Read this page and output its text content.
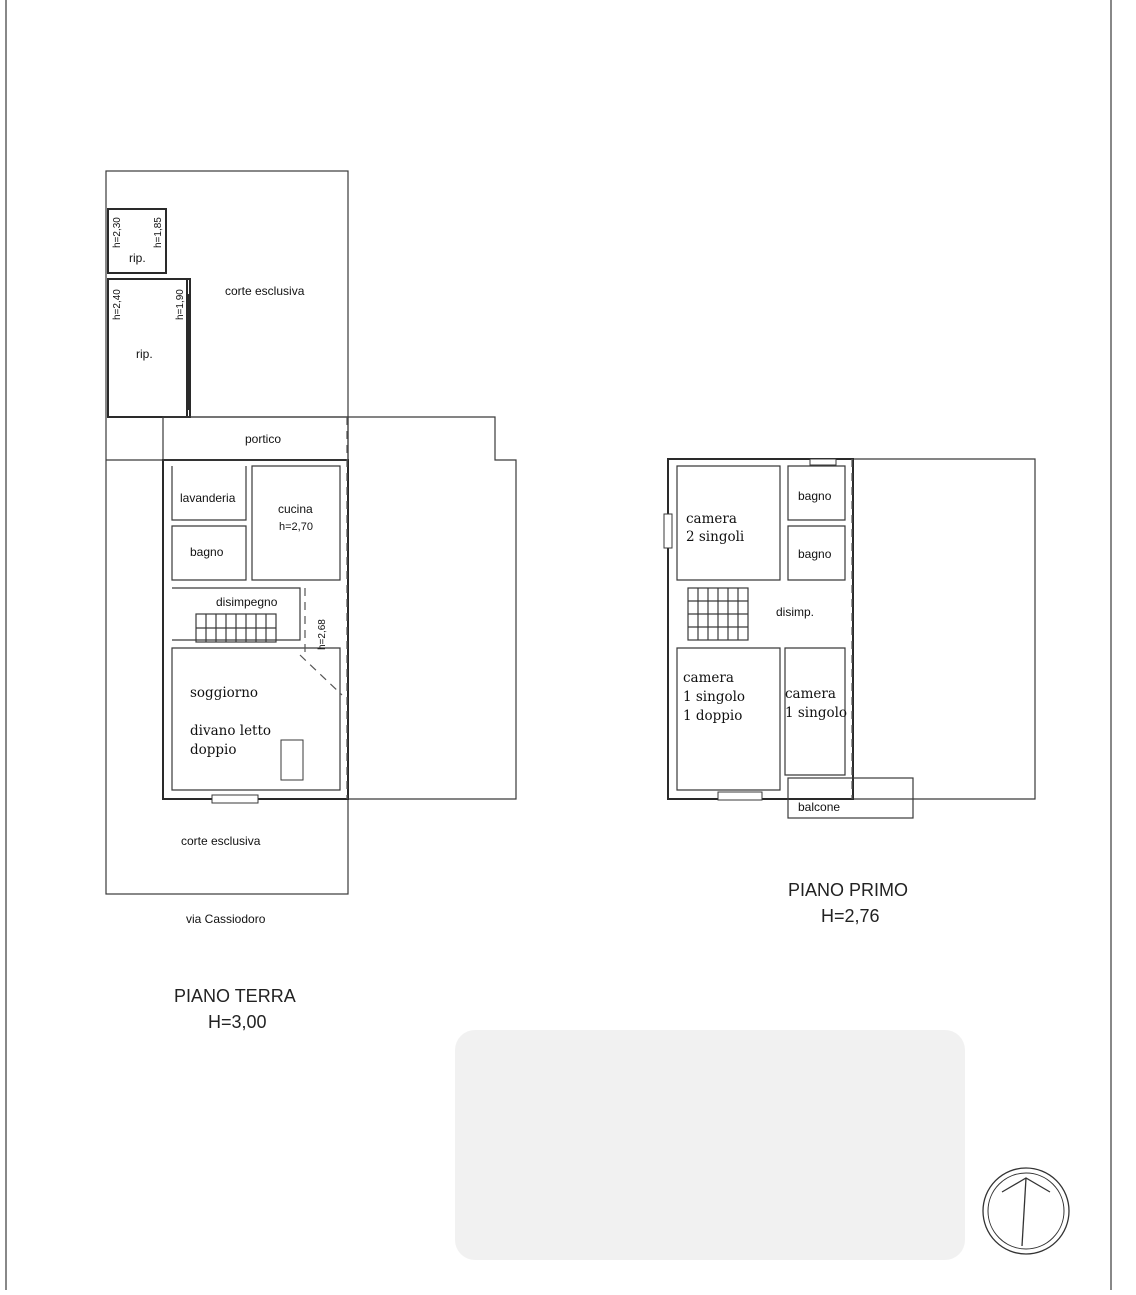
rip.
rip.
corte esclusiva
portico
lavanderia
cucina
h=2,70
bagno
disimpegno
soggiorno
divano letto
doppio
corte esclusiva
via Cassiodoro
h=2,30	h=1,85
h=2,40	h=1,90
h=2,68
PIANO TERRA
H=3,00
bagno
bagno
camera
2 singoli
disimp.
camera
1 singolo
1 doppio
camera
1 singolo
balcone
PIANO PRIMO
H=2,76
